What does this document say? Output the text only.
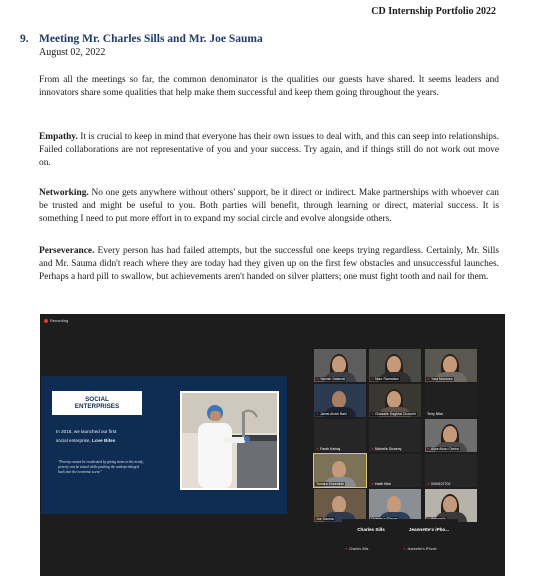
CD Internship Portfolio 2022
9. Meeting Mr. Charles Sills and Mr. Joe Sauma
August 02, 2022
From all the meetings so far, the common denominator is the qualities our guests have shared. It seems leaders and innovators share some qualities that help make them successful and keep them going throughout the years.
Empathy. It is crucial to keep in mind that everyone has their own issues to deal with, and this can seep into relationships. Failed collaborations are not representative of you and your success. Try again, and if things still do not work out move on.
Networking. No one gets anywhere without others' support, be it direct or indirect. Make partnerships with whoever can be trusted and might be useful to you. Both parties will benefit, through learning or direct, material success. It is something I need to put more effort in to expand my social circle and evolve alongside others.
Perseverance. Every person has had failed attempts, but the successful one keeps trying regardless. Certainly, Mr. Sills and Mr. Sauma didn't reach where they are today had they given up on the first few obstacles and unsuccessful launches. Perhaps a hard pill to swallow, but achievements aren't handed on silver platters; one must fight tooth and nail for them.
Recording
SOCIAL
ENTERPRISES
In 2018, we launched our first
social enterprise, Love Bites
"Poverty cannot be eradicated by giving items to the needy, poverty can be tamed while pushing the underprivileged back into the economic scene"
✕Yasmin Salamat	✕Nour Ramadan	✕Yara Mansour
✕Jamal Abdel Baki	✕Ghazalle Daghfal Choueiri	Terry Bitar
✕Farah Karbaj	✕Michelle Dicaeny	✕Alice Abou Cheira
Tamara Khairallah	✕Hadil Hilal	✕0000107702
Joe Sauma
Charles Sills
✕Charles Sills
Jeannette's iPho...
✕Jeannette's iPhone
